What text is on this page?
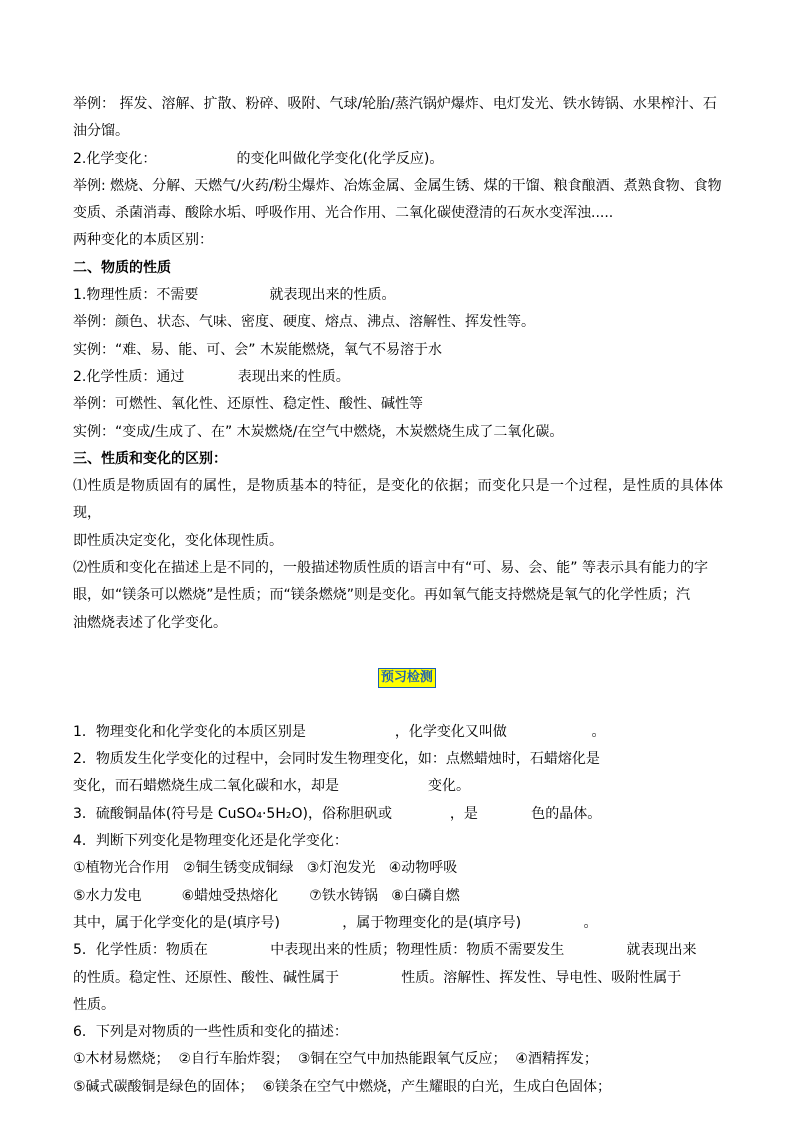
举例： 挥发、溶解、扩散、粉碎、吸附、气球/轮胎/蒸汽锅炉爆炸、电灯发光、铁水铸锅、水果榨汁、石

油分馏。

2.化学变化：                  的变化叫做化学变化(化学反应)。

举例: 燃烧、分解、天燃气/火药/粉尘爆炸、冶炼金属、金属生锈、煤的干馏、粮食酿酒、煮熟食物、食物

变质、杀菌消毒、酸除水垢、呼吸作用、光合作用、二氧化碳使澄清的石灰水变浑浊.....

两种变化的本质区别：

二、物质的性质

1.物理性质：不需要                就表现出来的性质。

举例：颜色、状态、气味、密度、硬度、熔点、沸点、溶解性、挥发性等。

实例：“难、易、能、可、会” 木炭能燃烧，氧气不易溶于水

2.化学性质：通过            表现出来的性质。

举例：可燃性、氧化性、还原性、稳定性、酸性、碱性等

实例：“变成/生成了、在” 木炭燃烧/在空气中燃烧，木炭燃烧生成了二氧化碳。

三、性质和变化的区别：

⑴性质是物质固有的属性，是物质基本的特征，是变化的依据；而变化只是一个过程，是性质的具体体现，

即性质决定变化，变化体现性质。

⑵性质和变化在描述上是不同的，一般描述物质性质的语言中有“可、易、会、能” 等表示具有能力的字

眼，如“镁条可以燃烧”是性质；而“镁条燃烧”则是变化。再如氧气能支持燃烧是氧气的化学性质；汽

油燃烧表述了化学变化。

预习检测

1．物理变化和化学变化的本质区别是                    ，化学变化又叫做                   。

2．物质发生化学变化的过程中，会同时发生物理变化，如：点燃蜡烛时，石蜡熔化是

变化，而石蜡燃烧生成二氧化碳和水，却是                    变化。

3．硫酸铜晶体(符号是 CuSO₄·5H₂O)，俗称胆矾或             ，是            色的晶体。

4．判断下列变化是物理变化还是化学变化：

①植物光合作用   ②铜生锈变成铜绿   ③灯泡发光   ④动物呼吸

⑤水力发电         ⑥蜡烛受热熔化       ⑦铁水铸锅   ⑧白磷自燃

其中，属于化学变化的是(填序号)              ，属于物理变化的是(填序号)              。

5．化学性质：物质在              中表现出来的性质；物理性质：物质不需要发生              就表现出来

的性质。稳定性、还原性、酸性、碱性属于              性质。溶解性、挥发性、导电性、吸附性属于

性质。

6．下列是对物质的一些性质和变化的描述：

①木材易燃烧；  ②自行车胎炸裂；  ③铜在空气中加热能跟氧气反应；  ④酒精挥发；

⑤碱式碳酸铜是绿色的固体；  ⑥镁条在空气中燃烧，产生耀眼的白光，生成白色固体；
